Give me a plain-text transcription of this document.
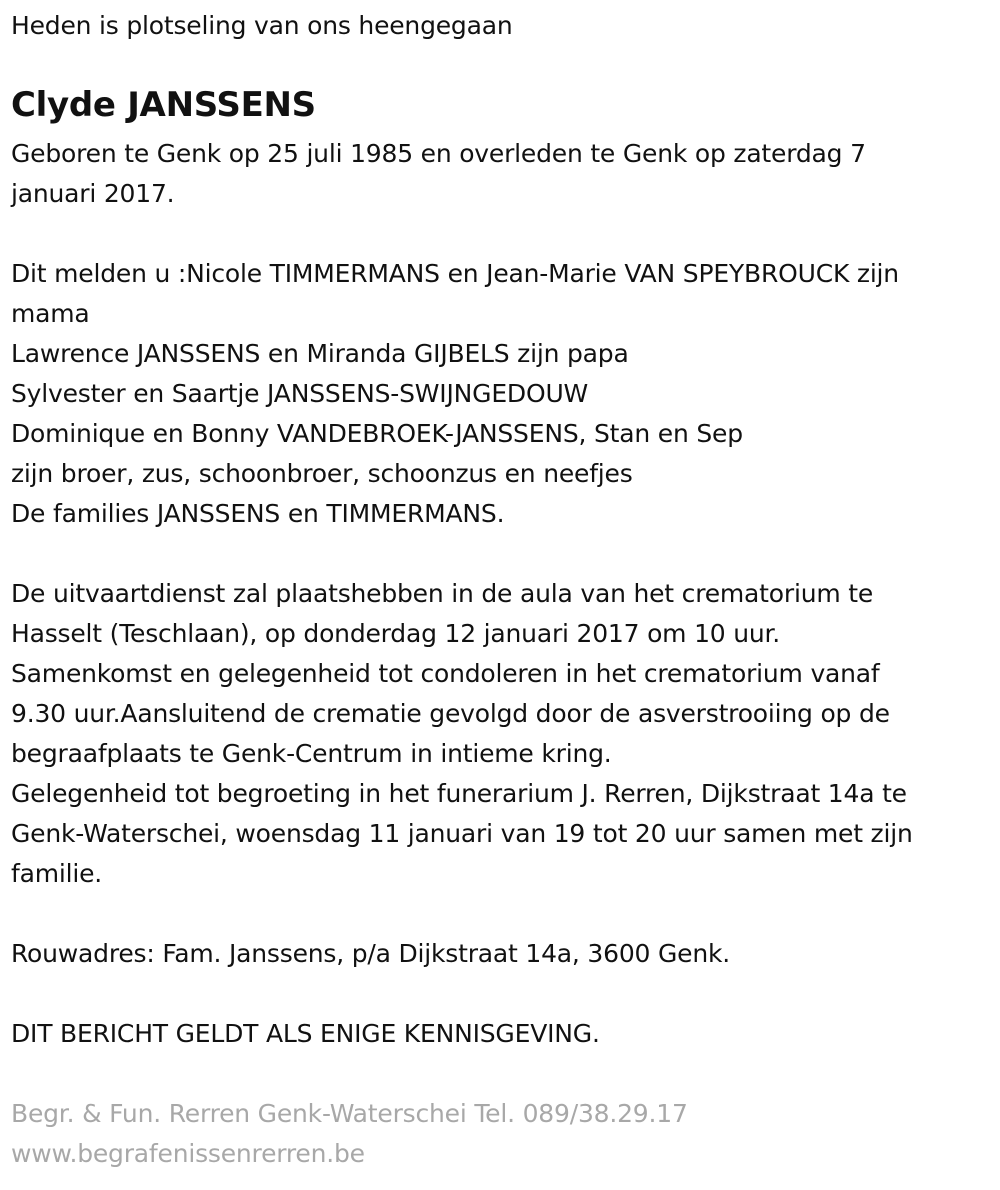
Heden is plotseling van ons heengegaan
Clyde JANSSENS
Geboren te Genk op 25 juli 1985 en overleden te Genk op zaterdag 7
januari 2017.
Dit melden u :Nicole TIMMERMANS en Jean-Marie VAN SPEYBROUCK zijn
mama
Lawrence JANSSENS en Miranda GIJBELS zijn papa
Sylvester en Saartje JANSSENS-SWIJNGEDOUW
Dominique en Bonny VANDEBROEK-JANSSENS, Stan en Sep
zijn broer, zus, schoonbroer, schoonzus en neefjes
De families JANSSENS en TIMMERMANS.
De uitvaartdienst zal plaatshebben in de aula van het crematorium te
Hasselt (Teschlaan), op donderdag 12 januari 2017 om 10 uur.
Samenkomst en gelegenheid tot condoleren in het crematorium vanaf
9.30 uur.Aansluitend de crematie gevolgd door de asverstrooiing op de
begraafplaats te Genk-Centrum in intieme kring.
Gelegenheid tot begroeting in het funerarium J. Rerren, Dijkstraat 14a te
Genk-Waterschei, woensdag 11 januari van 19 tot 20 uur samen met zijn
familie.
Rouwadres: Fam. Janssens, p/a Dijkstraat 14a, 3600 Genk.
DIT BERICHT GELDT ALS ENIGE KENNISGEVING.
Begr. & Fun. Rerren Genk-Waterschei Tel. 089/38.29.17
www.begrafenissenrerren.be
